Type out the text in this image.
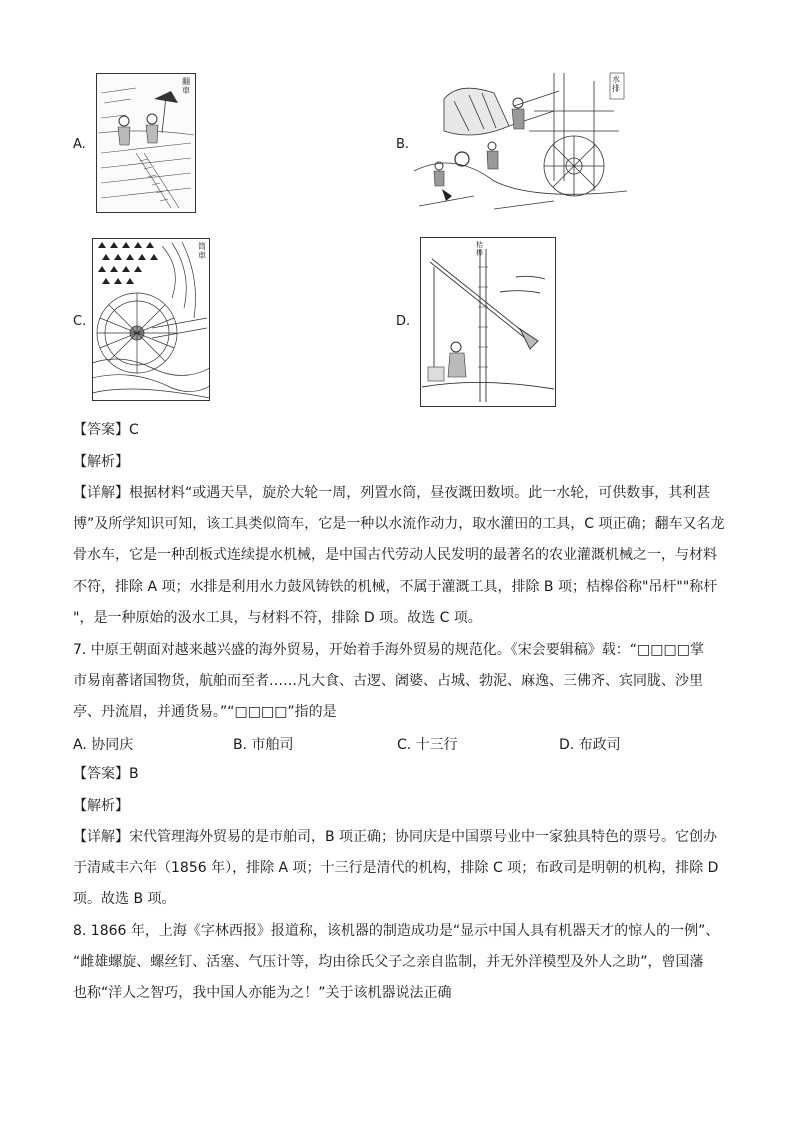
A.
翻車
B.
水排
C.
筒車
D.
桔槔
【答案】C
【解析】
【详解】根据材料“或遇天旱，旋於大轮一周，列置水筒，昼夜溉田数顷。此一水轮，可供数事，其利甚
博”及所学知识可知，该工具类似筒车，它是一种以水流作动力，取水灌田的工具，C 项正确；翻车又名龙
骨水车，它是一种刮板式连续提水机械，是中国古代劳动人民发明的最著名的农业灌溉机械之一，与材料
不符，排除 A 项；水排是利用水力鼓风铸铁的机械，不属于灌溉工具，排除 B 项；桔槔俗称"吊杆""称杆
"，是一种原始的汲水工具，与材料不符，排除 D 项。故选 C 项。
7. 中原王朝面对越来越兴盛的海外贸易，开始着手海外贸易的规范化。《宋会要辑稿》载：“□□□□掌
市易南蕃诸国物货，航舶而至者……凡大食、古逻、阇婆、占城、勃泥、麻逸、三佛齐、宾同胧、沙里
亭、丹流眉，并通货易。”“□□□□”指的是
A. 协同庆	B. 市舶司	C. 十三行	D. 布政司
【答案】B
【解析】
【详解】宋代管理海外贸易的是市舶司，B 项正确；协同庆是中国票号业中一家独具特色的票号。它创办
于清咸丰六年（1856 年），排除 A 项；十三行是清代的机构，排除 C 项；布政司是明朝的机构，排除 D
项。故选 B 项。
8. 1866 年，上海《字林西报》报道称，该机器的制造成功是“显示中国人具有机器天才的惊人的一例”、
“雌雄螺旋、螺丝钉、活塞、气压计等，均由徐氏父子之亲自监制，并无外洋模型及外人之助”，曾国藩
也称“洋人之智巧，我中国人亦能为之！”关于该机器说法正确
